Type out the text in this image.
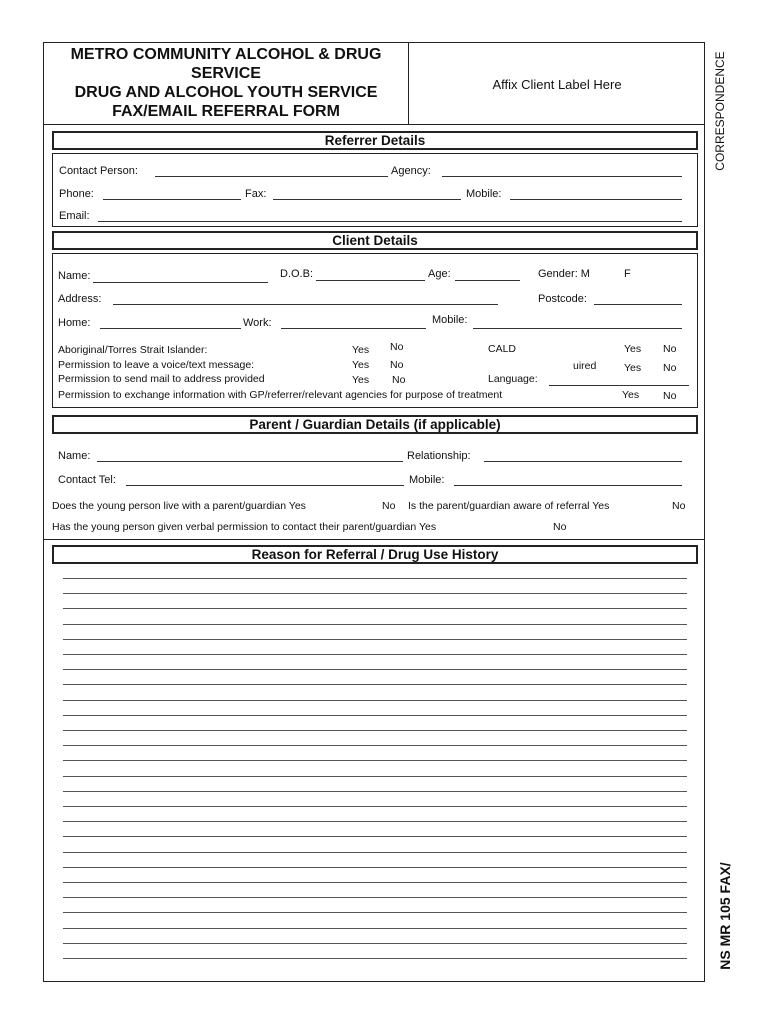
METRO COMMUNITY ALCOHOL & DRUG
SERVICE
DRUG AND ALCOHOL YOUTH SERVICE
FAX/EMAIL REFERRAL FORM
Affix Client Label Here	CORRESPONDENCE
NS MR 105 FAX/
Referrer Details
Contact Person:	Agency:
Phone:	Fax:	Mobile:
Email:
Client Details
Name:	D.O.B:	Age:	Gender: M	F
Address:	Postcode:
Home:	Work:	Mobile:
Aboriginal/Torres Strait Islander:	Yes No	CALD	Yes No
Permission to leave a voice/text message:	Yes No	uired	Yes No
Permission to send mail to address provided	Yes No	Language:
Permission to exchange information with GP/referrer/relevant agencies for purpose of treatment	Yes No
Parent / Guardian Details (if applicable)
Name:	Relationship:
Contact Tel:	Mobile:
Does the young person live with a parent/guardian Yes	No Is the parent/guardian aware of referral Yes	No
Has the young person given verbal permission to contact their parent/guardian Yes	No
Reason for Referral / Drug Use History
